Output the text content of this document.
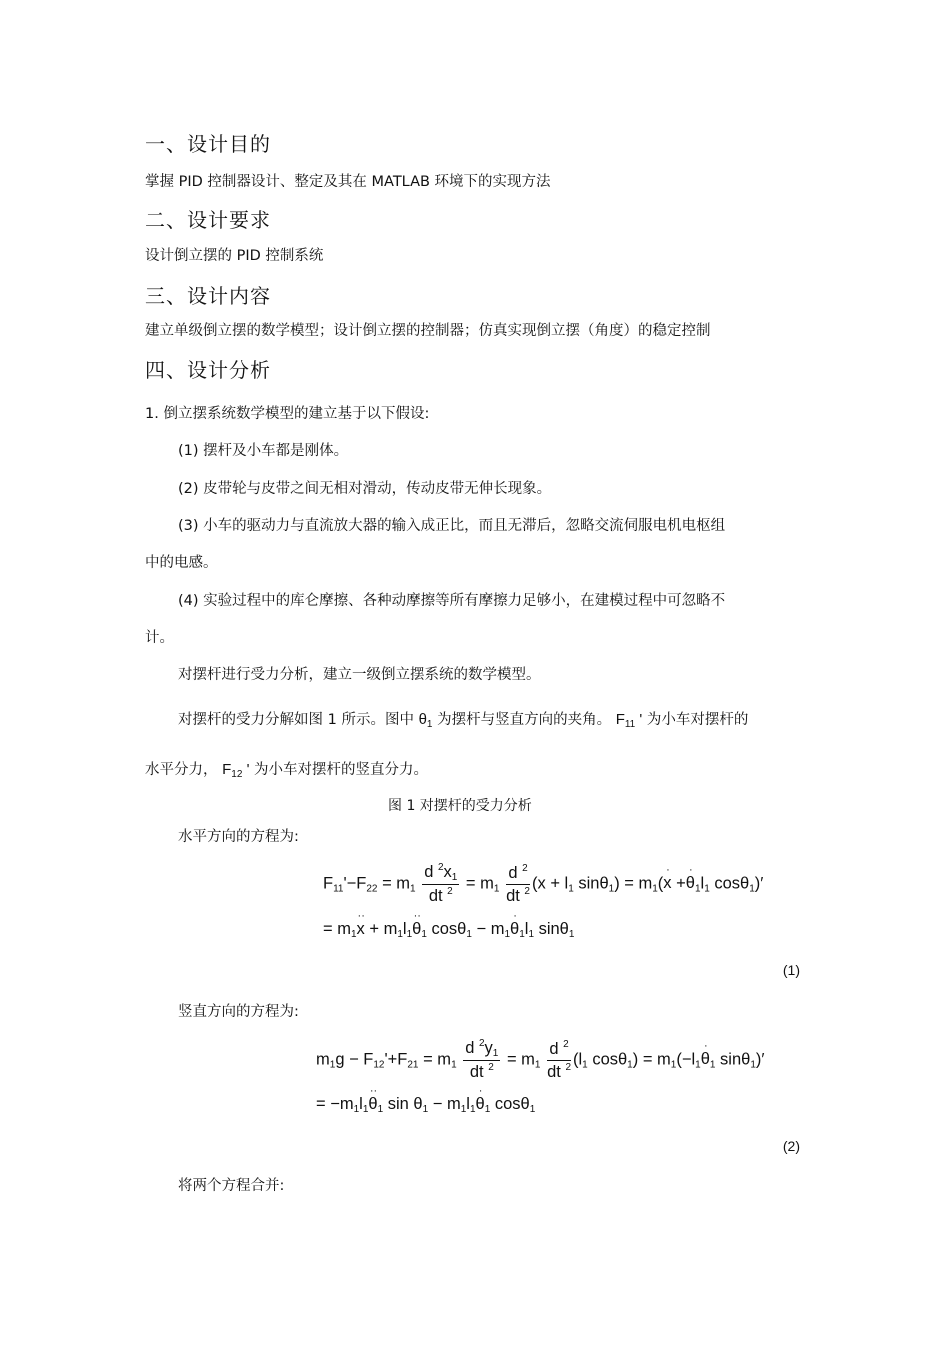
一、设计目的
掌握 PID 控制器设计、整定及其在 MATLAB 环境下的实现方法
二、设计要求
设计倒立摆的 PID 控制系统
三、设计内容
建立单级倒立摆的数学模型；设计倒立摆的控制器；仿真实现倒立摆（角度）的稳定控制
四、设计分析
1. 倒立摆系统数学模型的建立基于以下假设:
(1) 摆杆及小车都是刚体。
(2) 皮带轮与皮带之间无相对滑动，传动皮带无伸长现象。
(3) 小车的驱动力与直流放大器的输入成正比，而且无滞后，忽略交流伺服电机电枢组
中的电感。
(4) 实验过程中的库仑摩擦、各种动摩擦等所有摩擦力足够小，在建模过程中可忽略不
计。
对摆杆进行受力分析，建立一级倒立摆系统的数学模型。
对摆杆的受力分解如图 1 所示。图中 $\theta_1$ 为摆杆与竖直方向的夹角。 $F_{11}$ ' 为小车对摆杆的
水平分力， $F_{12}$ ' 为小车对摆杆的竖直分力。
图 1 对摆杆的受力分析
水平方向的方程为:
$F_{11}'-F_{22} = m_1 \frac{d ^2x_1}{dt ^2} = m_1 \frac{d ^2}{dt ^2} (x + l_1$ $\sin\theta_1) = m_1(x$
·
+θ
·
$_1l_1$ cosθ$_1$)′
= $m_1x$
··
+ $m_1l_1\theta$
··
$_1$ $\cos\theta_1 - m_1\theta$
·
$_1l_1$ sinθ$_1$
(1)
竖直方向的方程为:
$m_1g - F_{12}'+F_{21} = m_1 \frac{d ^2y_1}{dt ^2} = m_1 \frac{d ^2}{dt ^2} (l_1$ $\cos\theta_1) = m_1(-l_1\theta$
·
$_1$ sinθ$_1$)′
= $-m_1l_1\theta$
··
$_1$ $\sin \theta_1 - m_1l_1\theta$
·
$_1$ cosθ$_1$
(2)
将两个方程合并:
